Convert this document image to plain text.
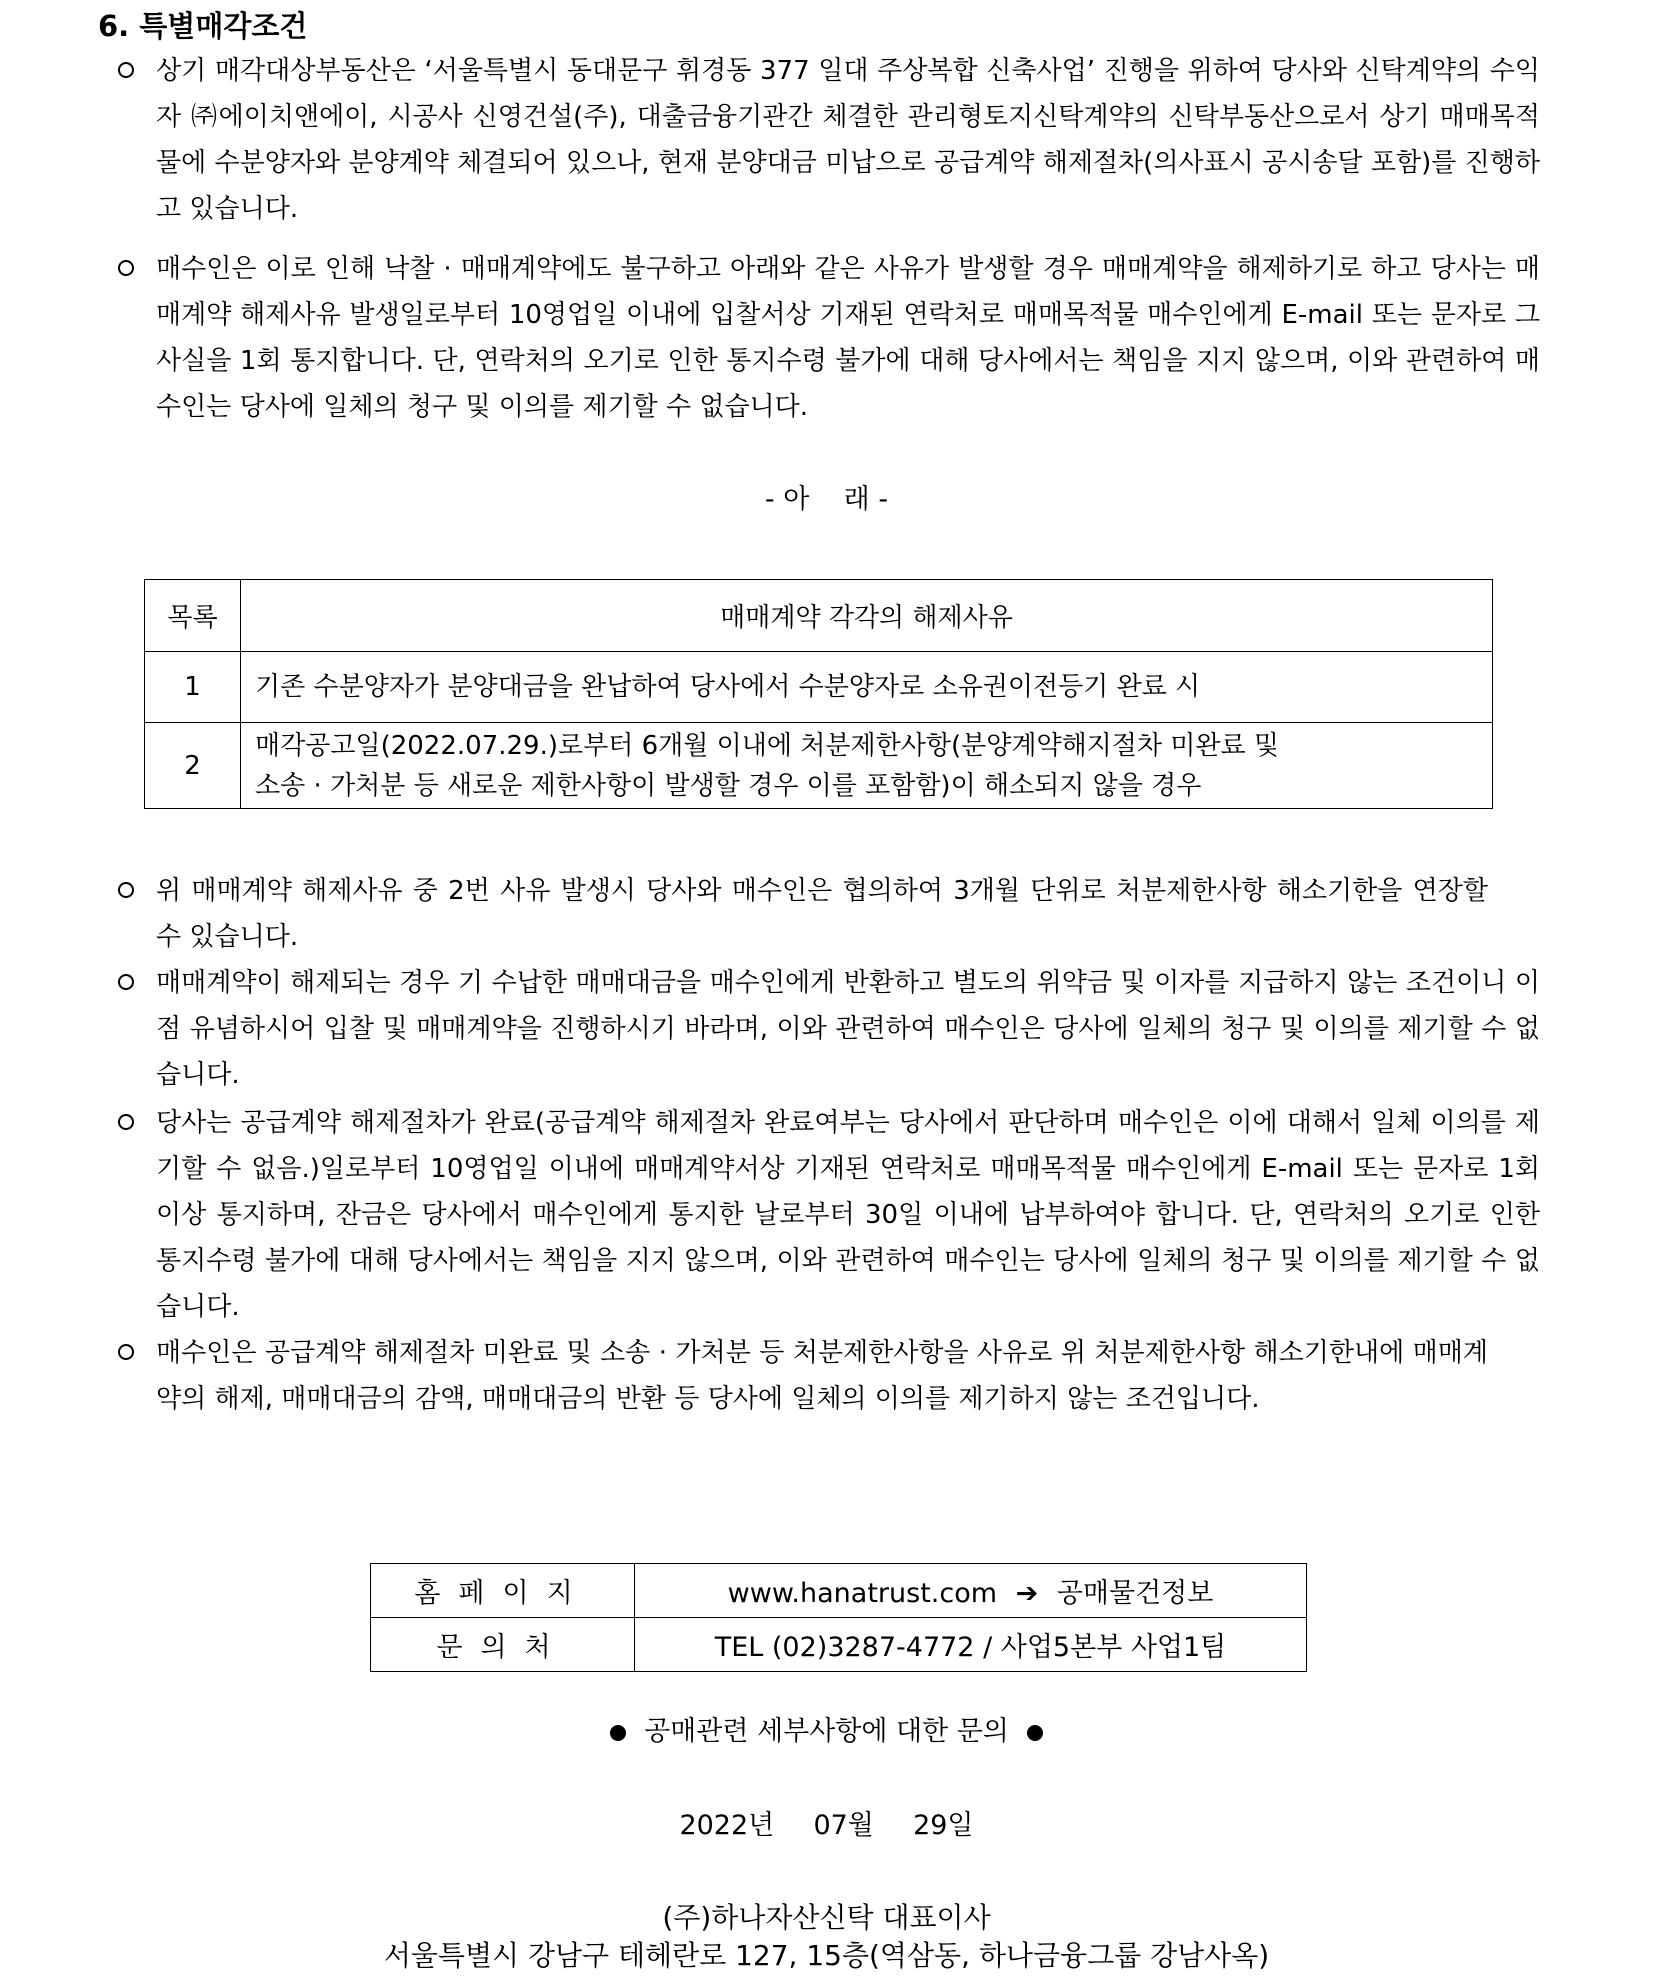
6. 특별매각조건
상기 매각대상부동산은 ‘서울특별시 동대문구 휘경동 377 일대 주상복합 신축사업’ 진행을 위하여 당사와 신탁계약의 수익자 ㈜에이치앤에이, 시공사 신영건설(주), 대출금융기관간 체결한 관리형토지신탁계약의 신탁부동산으로서 상기 매매목적물에 수분양자와 분양계약 체결되어 있으나, 현재 분양대금 미납으로 공급계약 해제절차(의사표시 공시송달 포함)를 진행하고 있습니다.
매수인은 이로 인해 낙찰 · 매매계약에도 불구하고 아래와 같은 사유가 발생할 경우 매매계약을 해제하기로 하고 당사는 매매계약 해제사유 발생일로부터 10영업일 이내에 입찰서상 기재된 연락처로 매매목적물 매수인에게 E-mail 또는 문자로 그 사실을 1회 통지합니다. 단, 연락처의 오기로 인한 통지수령 불가에 대해 당사에서는 책임을 지지 않으며, 이와 관련하여 매수인는 당사에 일체의 청구 및 이의를 제기할 수 없습니다.
- 아    래 -
목록	매매계약 각각의 해제사유
1	기존 수분양자가 분양대금을 완납하여 당사에서 수분양자로 소유권이전등기 완료 시

2	매각공고일(2022.07.29.)로부터 6개월 이내에 처분제한사항(분양계약해지절차 미완료 및
소송 · 가처분 등 새로운 제한사항이 발생할 경우 이를 포함함)이 해소되지 않을 경우
위 매매계약 해제사유 중 2번 사유 발생시 당사와 매수인은 협의하여 3개월 단위로 처분제한사항 해소기한을 연장할 수 있습니다.
매매계약이 해제되는 경우 기 수납한 매매대금을 매수인에게 반환하고 별도의 위약금 및 이자를 지급하지 않는 조건이니 이점 유념하시어 입찰 및 매매계약을 진행하시기 바라며, 이와 관련하여 매수인은 당사에 일체의 청구 및 이의를 제기할 수 없습니다.
당사는 공급계약 해제절차가 완료(공급계약 해제절차 완료여부는 당사에서 판단하며 매수인은 이에 대해서 일체 이의를 제기할 수 없음.)일로부터 10영업일 이내에 매매계약서상 기재된 연락처로 매매목적물 매수인에게 E-mail 또는 문자로 1회이상 통지하며, 잔금은 당사에서 매수인에게 통지한 날로부터 30일 이내에 납부하여야 합니다. 단, 연락처의 오기로 인한 통지수령 불가에 대해 당사에서는 책임을 지지 않으며, 이와 관련하여 매수인는 당사에 일체의 청구 및 이의를 제기할 수 없습니다.
매수인은 공급계약 해제절차 미완료 및 소송 · 가처분 등 처분제한사항을 사유로 위 처분제한사항 해소기한내에 매매계약의 해제, 매매대금의 감액, 매매대금의 반환 등 당사에 일체의 이의를 제기하지 않는 조건입니다.
홈페이지	www.hanatrust.com ➔ 공매물건정보
문의처	TEL (02)3287-4772 / 사업5본부 사업1팀
공매관련 세부사항에 대한 문의
2022년 07월 29일
(주)하나자산신탁 대표이사
서울특별시 강남구 테헤란로 127, 15층(역삼동, 하나금융그룹 강남사옥)
